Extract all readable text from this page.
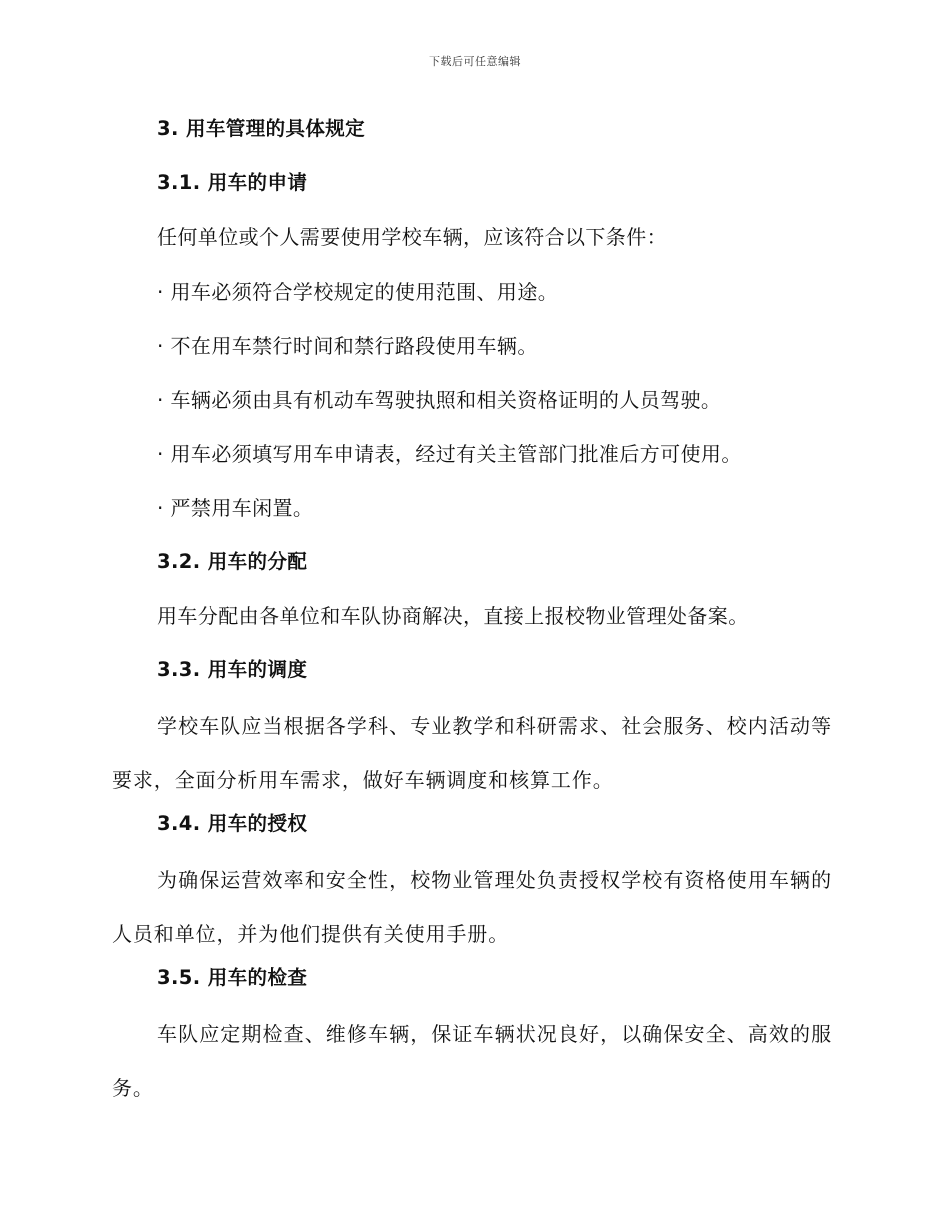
下载后可任意编辑
3. 用车管理的具体规定
3.1. 用车的申请
任何单位或个人需要使用学校车辆，应该符合以下条件：
· 用车必须符合学校规定的使用范围、用途。
· 不在用车禁行时间和禁行路段使用车辆。
· 车辆必须由具有机动车驾驶执照和相关资格证明的人员驾驶。
· 用车必须填写用车申请表，经过有关主管部门批准后方可使用。
· 严禁用车闲置。
3.2. 用车的分配
用车分配由各单位和车队协商解决，直接上报校物业管理处备案。
3.3. 用车的调度
学校车队应当根据各学科、专业教学和科研需求、社会服务、校内活动等要求，全面分析用车需求，做好车辆调度和核算工作。
3.4. 用车的授权
为确保运营效率和安全性，校物业管理处负责授权学校有资格使用车辆的人员和单位，并为他们提供有关使用手册。
3.5. 用车的检查
车队应定期检查、维修车辆，保证车辆状况良好，以确保安全、高效的服务。
